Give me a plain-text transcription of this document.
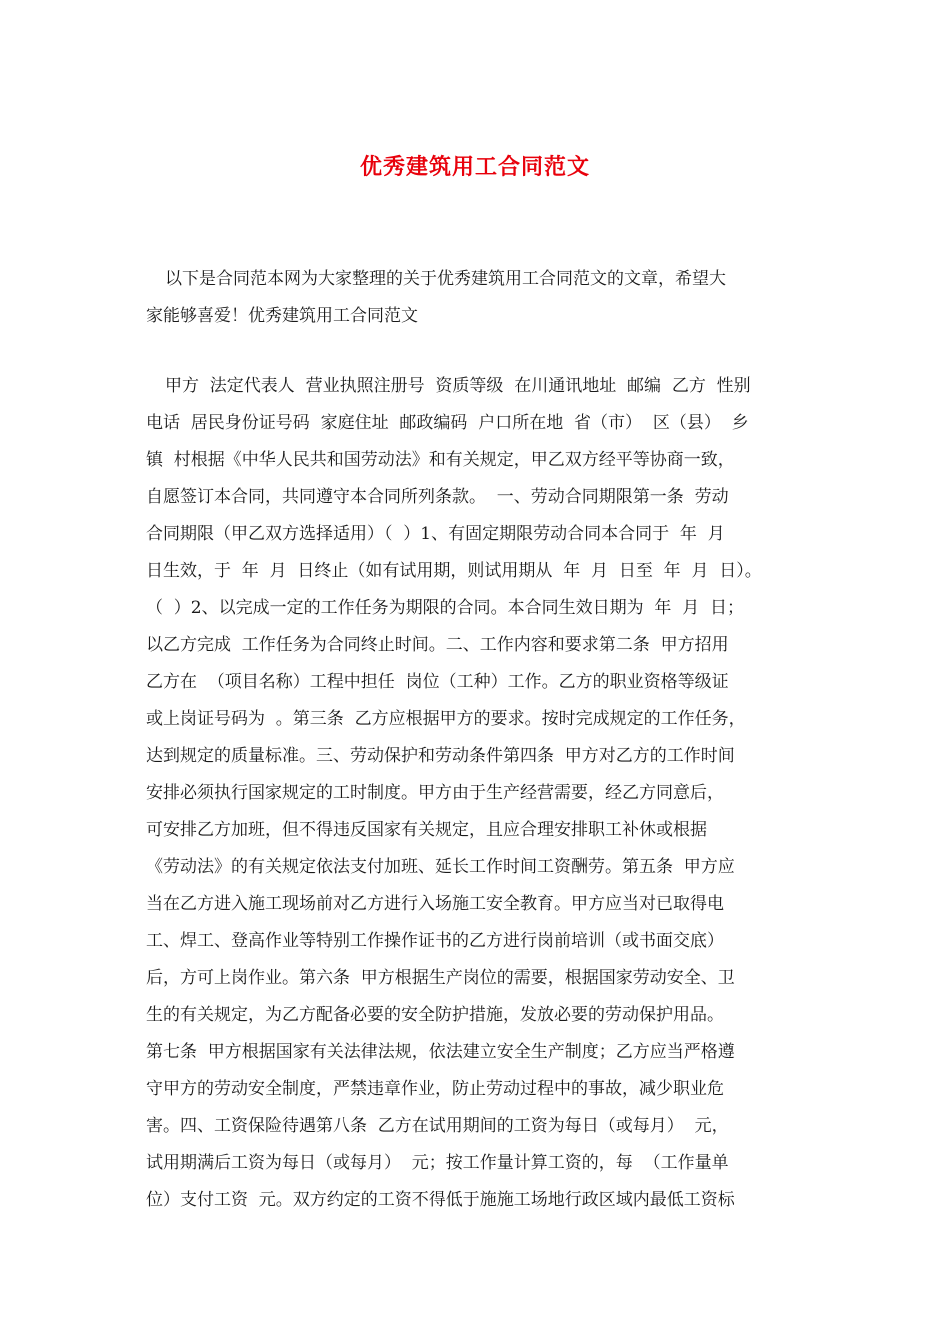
优秀建筑用工合同范文
以下是合同范本网为大家整理的关于优秀建筑用工合同范文的文章，希望大
家能够喜爱！优秀建筑用工合同范文
甲方  法定代表人  营业执照注册号  资质等级  在川通讯地址  邮编  乙方  性别
电话  居民身份证号码  家庭住址  邮政编码  户口所在地  省（市）  区（县）  乡
镇  村根据《中华人民共和国劳动法》和有关规定，甲乙双方经平等协商一致，
自愿签订本合同，共同遵守本合同所列条款。  一、劳动合同期限第一条  劳动
合同期限（甲乙双方选择适用）（  ）1、有固定期限劳动合同本合同于  年  月
日生效，于  年  月  日终止（如有试用期，则试用期从  年  月  日至  年  月  日）。
（  ）2、以完成一定的工作任务为期限的合同。本合同生效日期为  年  月  日；
以乙方完成  工作任务为合同终止时间。二、工作内容和要求第二条  甲方招用
乙方在  （项目名称）工程中担任  岗位（工种）工作。乙方的职业资格等级证
或上岗证号码为  。第三条  乙方应根据甲方的要求。按时完成规定的工作任务，
达到规定的质量标准。三、劳动保护和劳动条件第四条  甲方对乙方的工作时间
安排必须执行国家规定的工时制度。甲方由于生产经营需要，经乙方同意后，
可安排乙方加班，但不得违反国家有关规定，且应合理安排职工补休或根据
《劳动法》的有关规定依法支付加班、延长工作时间工资酬劳。第五条  甲方应
当在乙方进入施工现场前对乙方进行入场施工安全教育。甲方应当对已取得电
工、焊工、登高作业等特别工作操作证书的乙方进行岗前培训（或书面交底）
后，方可上岗作业。第六条  甲方根据生产岗位的需要，根据国家劳动安全、卫
生的有关规定，为乙方配备必要的安全防护措施，发放必要的劳动保护用品。
第七条  甲方根据国家有关法律法规，依法建立安全生产制度；乙方应当严格遵
守甲方的劳动安全制度，严禁违章作业，防止劳动过程中的事故，减少职业危
害。四、工资保险待遇第八条  乙方在试用期间的工资为每日（或每月）  元，
试用期满后工资为每日（或每月）  元；按工作量计算工资的，每  （工作量单
位）支付工资  元。双方约定的工资不得低于施施工场地行政区域内最低工资标
